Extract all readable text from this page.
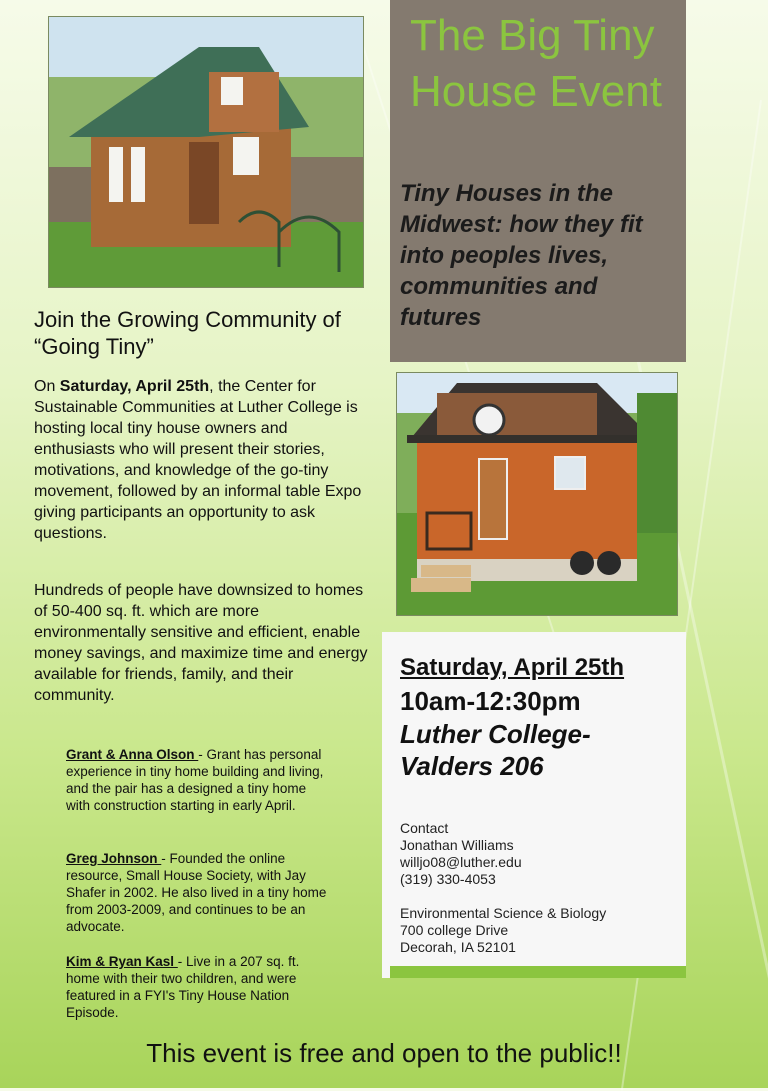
The Big Tiny House Event
Tiny Houses in the Midwest: how they fit into peoples lives, communities and futures
Join the Growing Community of “Going Tiny”
On Saturday, April 25th, the Center for Sustainable Communities at Luther College is hosting local tiny house owners and enthusiasts who will present their stories, motivations, and knowledge of the go-tiny movement, followed by an informal table Expo giving participants an opportunity to ask questions.
Hundreds of people have downsized to homes of 50-400 sq. ft. which are more environmentally sensitive and efficient, enable money savings, and maximize time and energy available for friends, family, and their community.
Grant & Anna Olson - Grant has personal experience in tiny home building and living, and the pair has a designed a tiny home with construction starting in early April.
Greg Johnson - Founded the online resource, Small House Society, with Jay Shafer in 2002. He also lived in a tiny home from 2003-2009, and continues to be an advocate.
Kim & Ryan Kasl - Live in a 207 sq. ft. home with their two children, and were featured in a FYI's Tiny House Nation Episode.
Saturday, April 25th
10am-12:30pm
Luther College-Valders 206
Contact
Jonathan Williams
willjo08@luther.edu
(319) 330-4053
Environmental Science & Biology
700 college Drive
Decorah, IA 52101
This event is free and open to the public!!
